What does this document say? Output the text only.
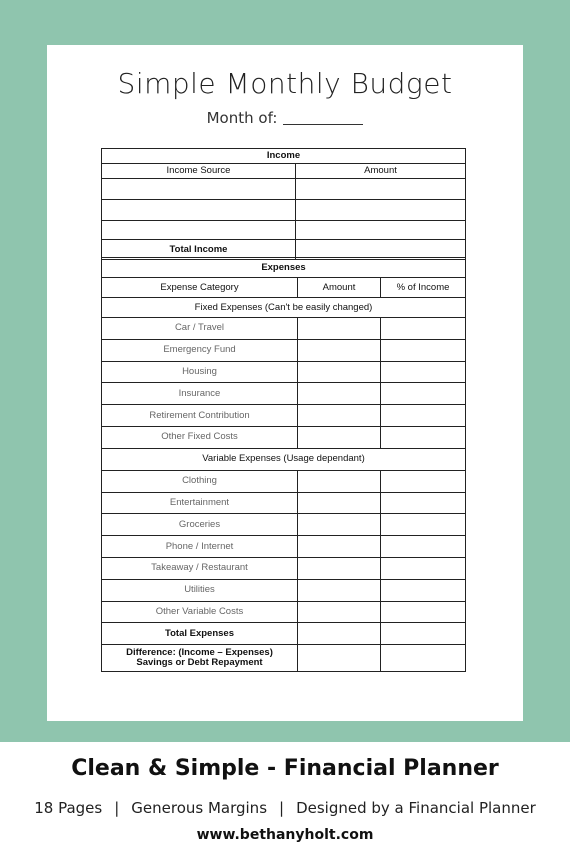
Simple Monthly Budget
Month of:
Income
Income Source	Amount
Total Income
Expenses
Expense Category	Amount	% of Income
Fixed Expenses (Can't be easily changed)
Car / Travel
Emergency Fund
Housing
Insurance
Retirement Contribution
Other Fixed Costs
Variable Expenses (Usage dependant)
Clothing
Entertainment
Groceries
Phone / Internet
Takeaway / Restaurant
Utilities
Other Variable Costs
Total Expenses
Difference: (Income – Expenses)
Savings or Debt Repayment
Clean & Simple - Financial Planner
18 Pages | Generous Margins | Designed by a Financial Planner
www.bethanyholt.com
